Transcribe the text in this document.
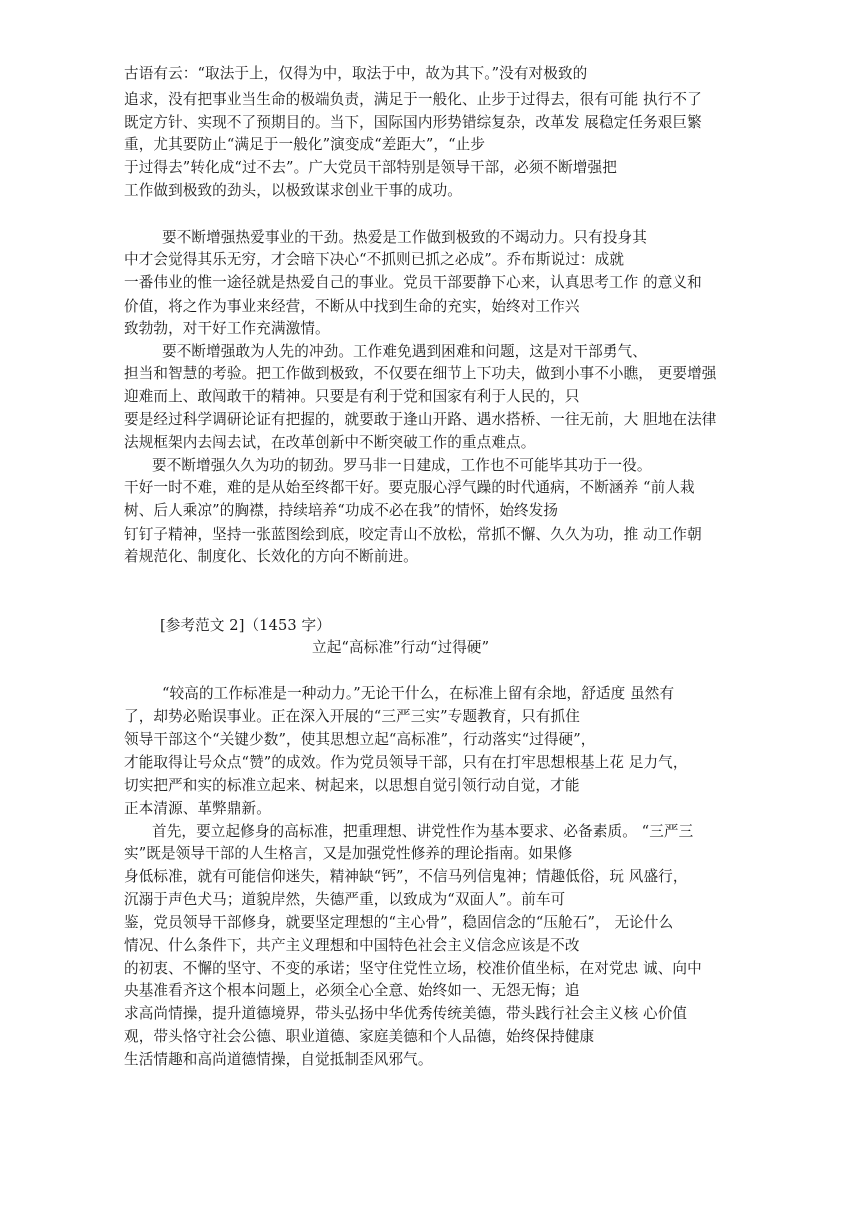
古语有云：“取法于上，仅得为中，取法于中，故为其下。”没有对极致的
追求，没有把事业当生命的极端负责，满足于一般化、止步于过得去，很有可能 执行不了
既定方针、实现不了预期目的。当下，国际国内形势错综复杂，改革发 展稳定任务艰巨繁
重，尤其要防止“满足于一般化”演变成“差距大”，“止步
于过得去”转化成“过不去”。广大党员干部特别是领导干部，必须不断增强把
工作做到极致的劲头，以极致谋求创业干事的成功。
要不断增强热爱事业的干劲。热爱是工作做到极致的不竭动力。只有投身其
中才会觉得其乐无穷，才会暗下决心“不抓则已抓之必成”。乔布斯说过：成就
一番伟业的惟一途径就是热爱自己的事业。党员干部要静下心来，认真思考工作 的意义和
价值，将之作为事业来经营，不断从中找到生命的充实，始终对工作兴
致勃勃，对干好工作充满激情。
要不断增强敢为人先的冲劲。工作难免遇到困难和问题，这是对干部勇气、
担当和智慧的考验。把工作做到极致，不仅要在细节上下功夫，做到小事不小瞧， 更要增强
迎难而上、敢闯敢干的精神。只要是有利于党和国家有利于人民的，只
要是经过科学调研论证有把握的，就要敢于逢山开路、遇水搭桥、一往无前，大 胆地在法律
法规框架内去闯去试，在改革创新中不断突破工作的重点难点。
要不断增强久久为功的韧劲。罗马非一日建成，工作也不可能毕其功于一役。
干好一时不难，难的是从始至终都干好。要克服心浮气躁的时代通病，不断涵养 “前人栽
树、后人乘凉”的胸襟，持续培养“功成不必在我”的情怀，始终发扬
钉钉子精神，坚持一张蓝图绘到底，咬定青山不放松，常抓不懈、久久为功，推 动工作朝
着规范化、制度化、长效化的方向不断前进。
[参考范文 2]（1453 字）
立起“高标准”行动“过得硬”
“较高的工作标准是一种动力。”无论干什么，在标准上留有余地，舒适度 虽然有
了，却势必贻误事业。正在深入开展的“三严三实”专题教育，只有抓住
领导干部这个“关键少数”，使其思想立起“高标准”，行动落实“过得硬”，
才能取得让号众点“赞”的成效。作为党员领导干部，只有在打牢思想根基上花 足力气，
切实把严和实的标准立起来、树起来，以思想自觉引领行动自觉，才能
正本清源、革弊鼎新。
首先，要立起修身的高标准，把重理想、讲党性作为基本要求、必备素质。 “三严三
实”既是领导干部的人生格言，又是加强党性修养的理论指南。如果修
身低标准，就有可能信仰迷失，精神缺“钙”，不信马列信鬼神；情趣低俗，玩 风盛行，
沉溺于声色犬马；道貌岸然，失德严重，以致成为“双面人”。前车可
鉴，党员领导干部修身，就要坚定理想的“主心骨”，稳固信念的“压舱石”， 无论什么
情况、什么条件下，共产主义理想和中国特色社会主义信念应该是不改
的初衷、不懈的坚守、不变的承诺；坚守住党性立场，校准价值坐标，在对党忠 诚、向中
央基准看齐这个根本问题上，必须全心全意、始终如一、无怨无悔；追
求高尚情操，提升道德境界，带头弘扬中华优秀传统美德，带头践行社会主义核 心价值
观，带头恪守社会公德、职业道德、家庭美德和个人品德，始终保持健康
生活情趣和高尚道德情操，自觉抵制歪风邪气。
